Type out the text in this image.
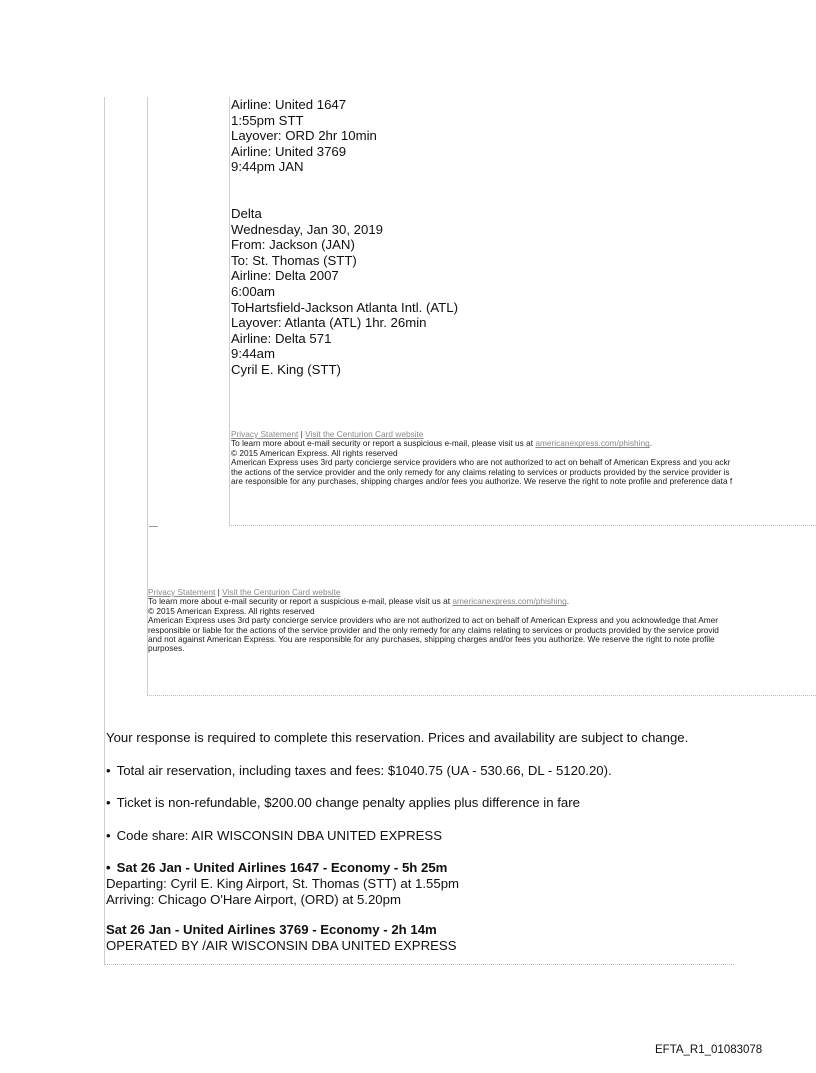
Airline: United 1647
1:55pm STT
Layover: ORD 2hr 10min
Airline: United 3769
9:44pm JAN
Delta
Wednesday, Jan 30, 2019
From: Jackson (JAN)
To: St. Thomas (STT)
Airline: Delta 2007
6:00am
ToHartsfield-Jackson Atlanta Intl. (ATL)
Layover: Atlanta (ATL) 1hr. 26min
Airline: Delta 571
9:44am
Cyril E. King (STT)
Privacy Statement | Visit the Centurion Card website
To learn more about e-mail security or report a suspicious e-mail, please visit us at americanexpress.com/phishing.
© 2015 American Express. All rights reserved
American Express uses 3rd party concierge service providers who are not authorized to act on behalf of American Express and you ackr
the actions of the service provider and the only remedy for any claims relating to services or products provided by the service provider is
are responsible for any purchases, shipping charges and/or fees you authorize. We reserve the right to note profile and preference data f
Privacy Statement | Visit the Centurion Card website
To learn more about e-mail security or report a suspicious e-mail, please visit us at americanexpress.com/phishing.
© 2015 American Express. All rights reserved
American Express uses 3rd party concierge service providers who are not authorized to act on behalf of American Express and you acknowledge that Amer
responsible or liable for the actions of the service provider and the only remedy for any claims relating to services or products provided by the service provid
and not against American Express. You are responsible for any purchases, shipping charges and/or fees you authorize. We reserve the right to note profile
purposes.

Your response is required to complete this reservation. Prices and availability are subject to change.

• Total air reservation, including taxes and fees: $1040.75 (UA - 530.66, DL - 5120.20).

• Ticket is non-refundable, $200.00 change penalty applies plus difference in fare

• Code share: AIR WISCONSIN DBA UNITED EXPRESS

• Sat 26 Jan - United Airlines 1647 - Economy - 5h 25m

Departing: Cyril E. King Airport, St. Thomas (STT) at 1.55pm

Arriving: Chicago O'Hare Airport, (ORD) at 5.20pm

Sat 26 Jan - United Airlines 3769 - Economy - 2h 14m

OPERATED BY /AIR WISCONSIN DBA UNITED EXPRESS

EFTA_R1_01083078
